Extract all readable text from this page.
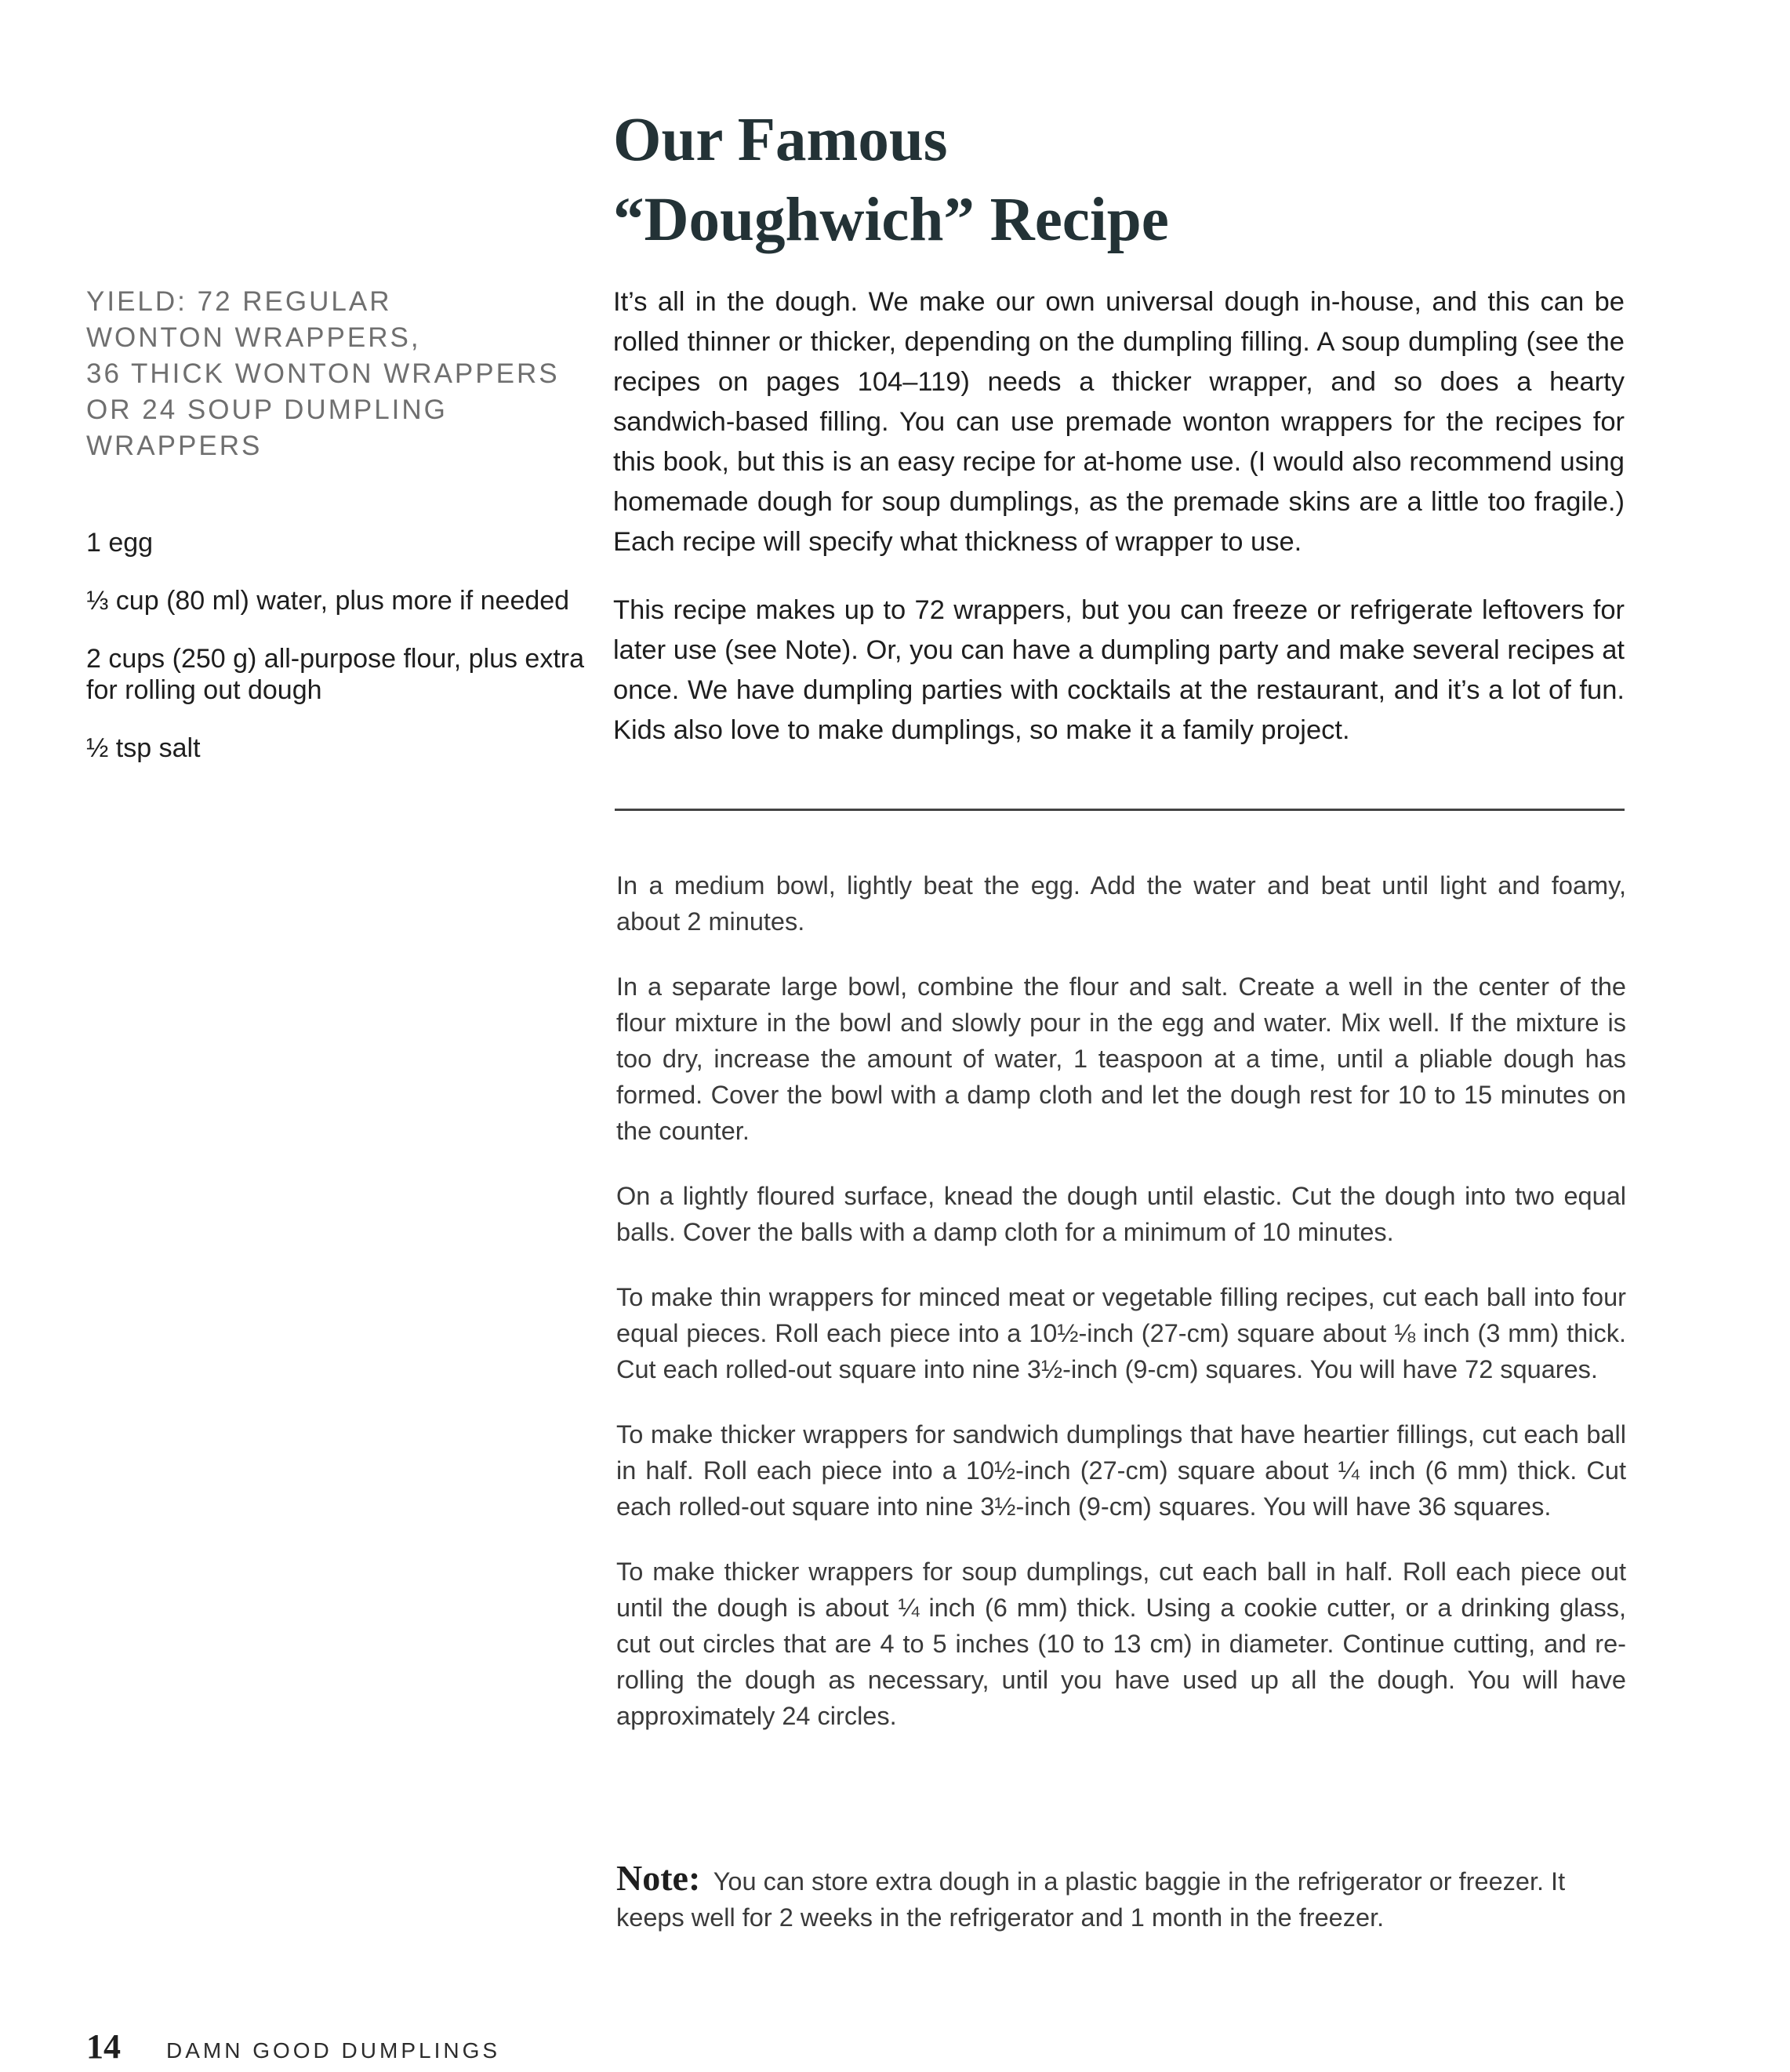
Our Famous
“Doughwich” Recipe

YIELD: 72 REGULAR
WONTON WRAPPERS,
36 THICK WONTON WRAPPERS
OR 24 SOUP DUMPLING
WRAPPERS

1 egg
⅓ cup (80 ml) water, plus more if needed
2 cups (250 g) all-purpose flour, plus extra for rolling out dough
½ tsp salt

It’s all in the dough. We make our own universal dough in-house, and this can be rolled thinner or thicker, depending on the dumpling filling. A soup dumpling (see the recipes on pages 104–119) needs a thicker wrapper, and so does a hearty sandwich-based filling. You can use premade wonton wrappers for the recipes for this book, but this is an easy recipe for at-home use. (I would also recommend using homemade dough for soup dumplings, as the premade skins are a little too fragile.) Each recipe will specify what thickness of wrapper to use.

This recipe makes up to 72 wrappers, but you can freeze or refrigerate leftovers for later use (see Note). Or, you can have a dumpling party and make several recipes at once. We have dumpling parties with cocktails at the restaurant, and it’s a lot of fun. Kids also love to make dumplings, so make it a family project.

In a medium bowl, lightly beat the egg. Add the water and beat until light and foamy, about 2 minutes.

In a separate large bowl, combine the flour and salt. Create a well in the center of the flour mixture in the bowl and slowly pour in the egg and water. Mix well. If the mixture is too dry, increase the amount of water, 1 teaspoon at a time, until a pliable dough has formed. Cover the bowl with a damp cloth and let the dough rest for 10 to 15 minutes on the counter.

On a lightly floured surface, knead the dough until elastic. Cut the dough into two equal balls. Cover the balls with a damp cloth for a minimum of 10 minutes.

To make thin wrappers for minced meat or vegetable filling recipes, cut each ball into four equal pieces. Roll each piece into a 10½-inch (27-cm) square about ⅛ inch (3 mm) thick. Cut each rolled-out square into nine 3½-inch (9-cm) squares. You will have 72 squares.

To make thicker wrappers for sandwich dumplings that have heartier fillings, cut each ball in half. Roll each piece into a 10½-inch (27-cm) square about ¼ inch (6 mm) thick. Cut each rolled-out square into nine 3½-inch (9-cm) squares. You will have 36 squares.

To make thicker wrappers for soup dumplings, cut each ball in half. Roll each piece out until the dough is about ¼ inch (6 mm) thick. Using a cookie cutter, or a drinking glass, cut out circles that are 4 to 5 inches (10 to 13 cm) in diameter. Continue cutting, and re-rolling the dough as necessary, until you have used up all the dough. You will have approximately 24 circles.

Note: You can store extra dough in a plastic baggie in the refrigerator or freezer. It keeps well for 2 weeks in the refrigerator and 1 month in the freezer.

14 DAMN GOOD DUMPLINGS
